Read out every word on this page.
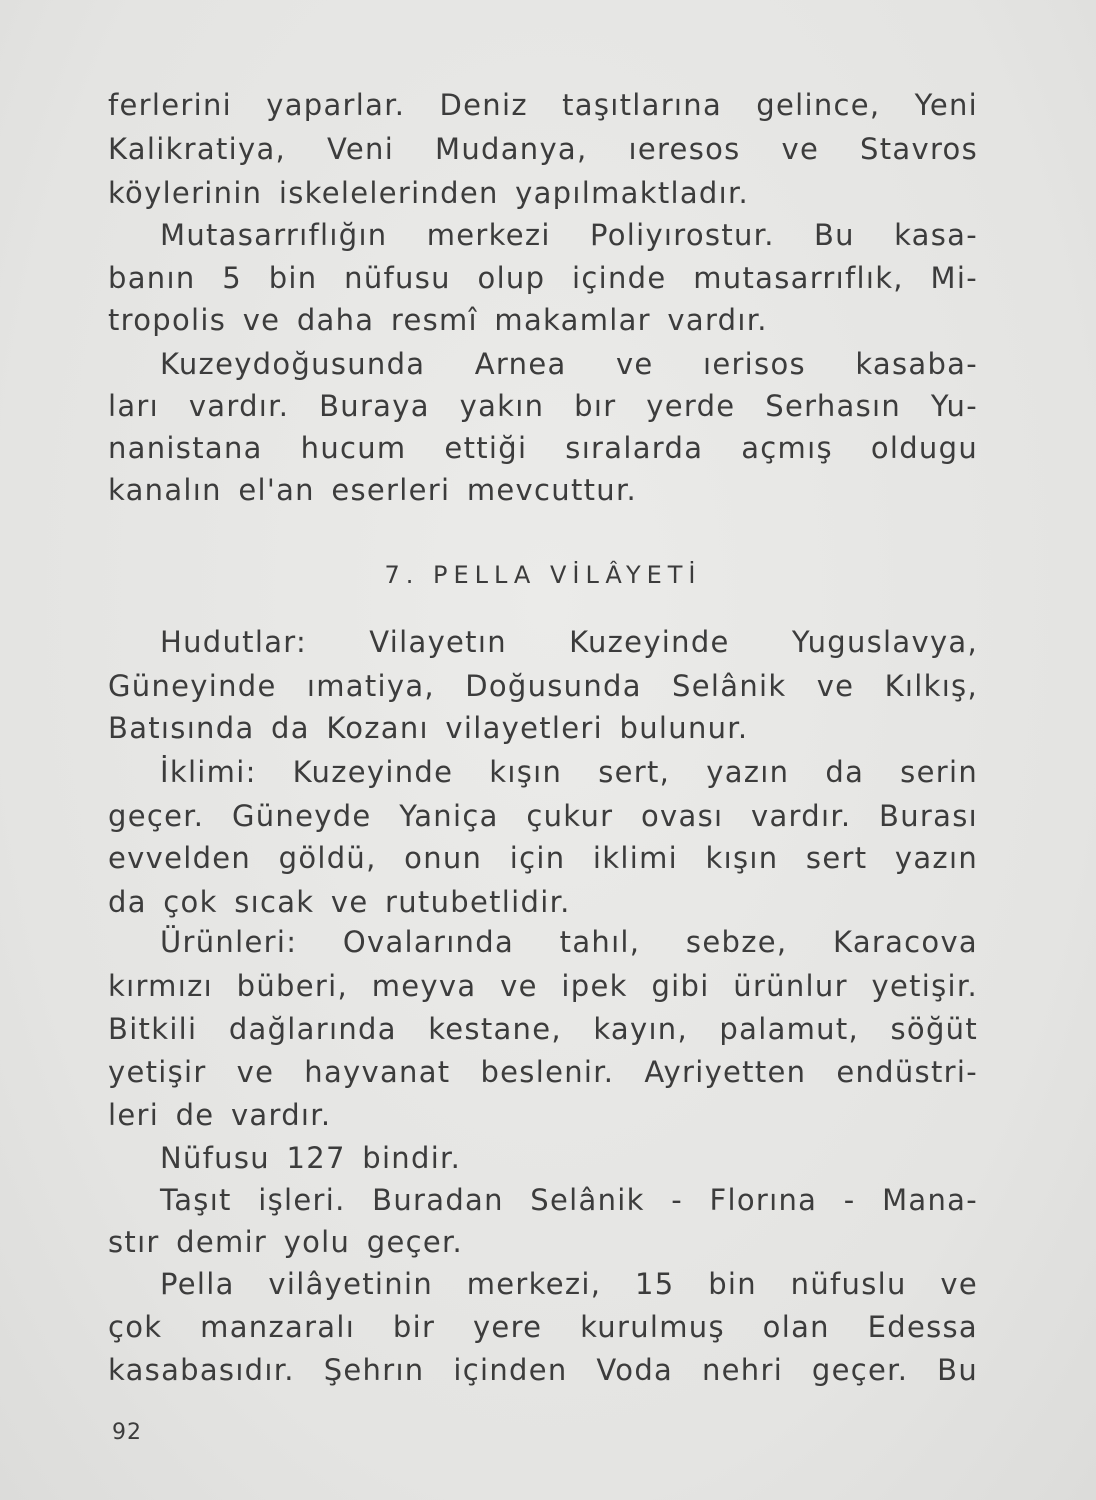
ferlerini yaparlar. Deniz taşıtlarına gelince, Yeni
Kalikratiya, Veni Mudanya, ıeresos ve Stavros
köylerinin iskelelerinden yapılmaktladır.
Mutasarrıflığın merkezi Poliyırostur. Bu kasa-
banın 5 bin nüfusu olup içinde mutasarrıflık, Mi-
tropolis ve daha resmî makamlar vardır.
Kuzeydoğusunda Arnea ve ıerisos kasaba-
ları vardır. Buraya yakın bır yerde Serhasın Yu-
nanistana hucum ettiği sıralarda açmış oldugu
kanalın el'an eserleri mevcuttur.
7. PELLA VİLÂYETİ
Hudutlar: Vilayetın Kuzeyinde Yuguslavya,
Güneyinde ımatiya, Doğusunda Selânik ve Kılkış,
Batısında da Kozanı vilayetleri bulunur.
İklimi: Kuzeyinde kışın sert, yazın da serin
geçer. Güneyde Yaniça çukur ovası vardır. Burası
evvelden göldü, onun için iklimi kışın sert yazın
da çok sıcak ve rutubetlidir.
Ürünleri: Ovalarında tahıl, sebze, Karacova
kırmızı büberi, meyva ve ipek gibi ürünlur yetişir.
Bitkili dağlarında kestane, kayın, palamut, söğüt
yetişir ve hayvanat beslenir. Ayriyetten endüstri-
leri de vardır.
Nüfusu 127 bindir.
Taşıt işleri. Buradan Selânik - Florına - Mana-
stır demir yolu geçer.
Pella vilâyetinin merkezi, 15 bin nüfuslu ve
çok manzaralı bir yere kurulmuş olan Edessa
kasabasıdır. Şehrın içinden Voda nehri geçer. Bu
92
